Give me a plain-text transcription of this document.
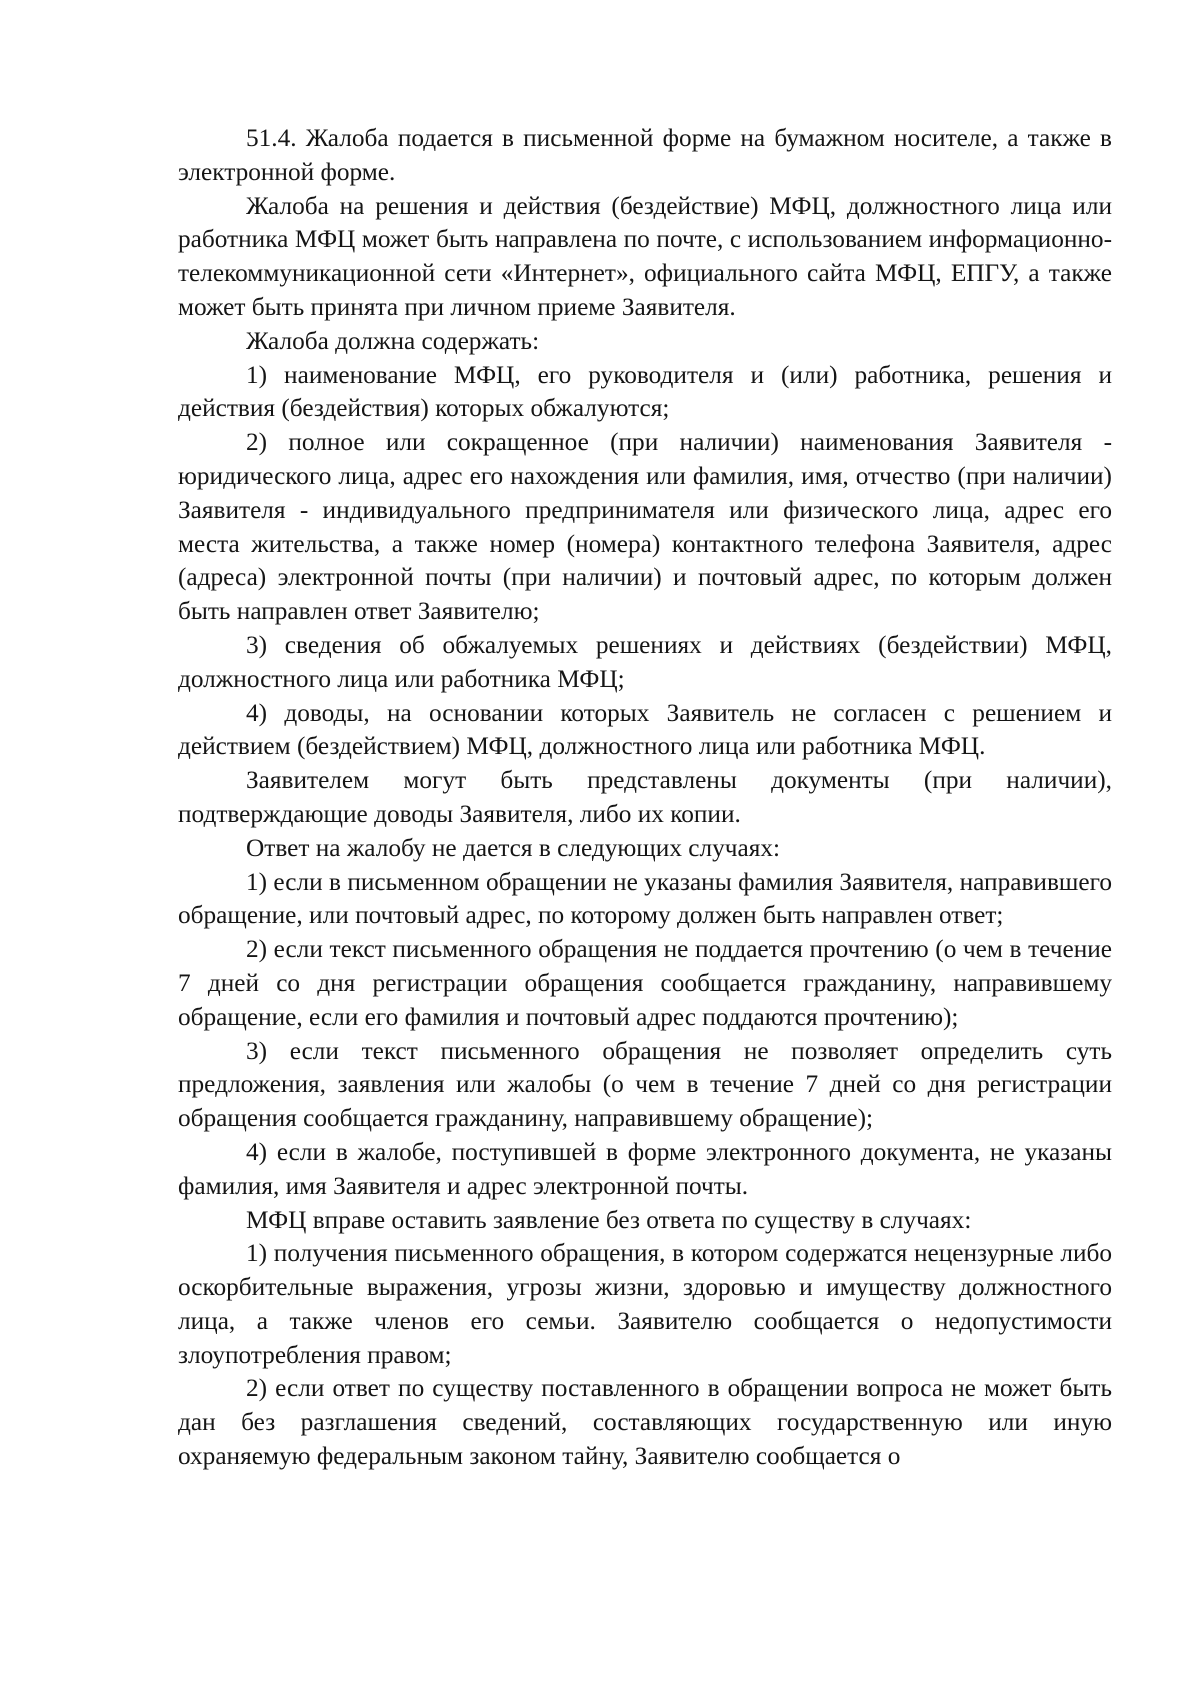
51.4. Жалоба подается в письменной форме на бумажном носителе, а также в электронной форме.

Жалоба на решения и действия (бездействие) МФЦ, должностного лица или работника МФЦ может быть направлена по почте, с использованием информационно-телекоммуникационной сети «Интернет», официального сайта МФЦ, ЕПГУ, а также может быть принята при личном приеме Заявителя.

Жалоба должна содержать:

1) наименование МФЦ, его руководителя и (или) работника, решения и действия (бездействия) которых обжалуются;

2) полное или сокращенное (при наличии) наименования Заявителя - юридического лица, адрес его нахождения или фамилия, имя, отчество (при наличии) Заявителя - индивидуального предпринимателя или физического лица, адрес его места жительства, а также номер (номера) контактного телефона Заявителя, адрес (адреса) электронной почты (при наличии) и почтовый адрес, по которым должен быть направлен ответ Заявителю;

3) сведения об обжалуемых решениях и действиях (бездействии) МФЦ, должностного лица или работника МФЦ;

4) доводы, на основании которых Заявитель не согласен с решением и действием (бездействием) МФЦ, должностного лица или работника МФЦ.

Заявителем могут быть представлены документы (при наличии), подтверждающие доводы Заявителя, либо их копии.

Ответ на жалобу не дается в следующих случаях:

1) если в письменном обращении не указаны фамилия Заявителя, направившего обращение, или почтовый адрес, по которому должен быть направлен ответ;

2) если текст письменного обращения не поддается прочтению (о чем в течение 7 дней со дня регистрации обращения сообщается гражданину, направившему обращение, если его фамилия и почтовый адрес поддаются прочтению);

3) если текст письменного обращения не позволяет определить суть предложения, заявления или жалобы (о чем в течение 7 дней со дня регистрации обращения сообщается гражданину, направившему обращение);

4) если в жалобе, поступившей в форме электронного документа, не указаны фамилия, имя Заявителя и адрес электронной почты.

МФЦ вправе оставить заявление без ответа по существу в случаях:

1) получения письменного обращения, в котором содержатся нецензурные либо оскорбительные выражения, угрозы жизни, здоровью и имуществу должностного лица, а также членов его семьи. Заявителю сообщается о недопустимости злоупотребления правом;

2) если ответ по существу поставленного в обращении вопроса не может быть дан без разглашения сведений, составляющих государственную или иную охраняемую федеральным законом тайну, Заявителю сообщается о
